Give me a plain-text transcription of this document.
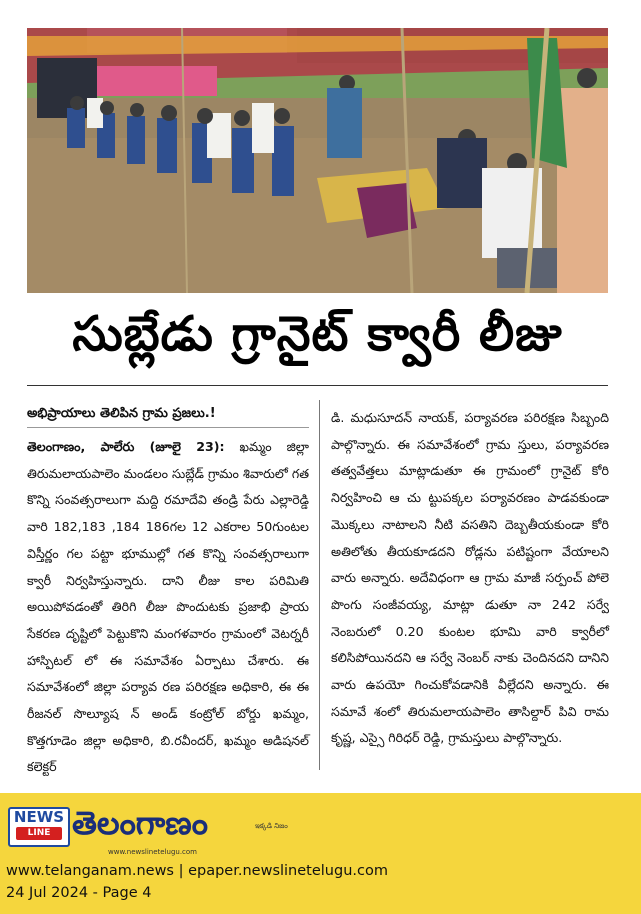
సుబ్లేడు గ్రానైట్ క్వారీ లీజు
అభిప్రాయాలు తెలిపిన గ్రామ ప్రజలు.!
తెలంగాణం, పాలేరు (జూలై 23): ఖమ్మం జిల్లా తిరుమలాయపాలెం మండలం సుబ్లేడ్ గ్రామం శివారులో గత కొన్ని సంవత్సరాలుగా మద్ది రమాదేవి తండ్రి పేరు ఎల్లారెడ్డి వారి 182,183 ,184 186గల 12 ఎకరాల 50గుంటల విస్తీర్ణం గల పట్టా భూముల్లో గత కొన్ని సంవత్సరాలుగా క్వారీ నిర్వహిస్తున్నారు. దాని లీజు కాల పరిమితి అయిపోవడంతో తిరిగి లీజు పొందుటకు ప్రజాభి ప్రాయ సేకరణ దృష్టిలో పెట్టుకొని మంగళవారం గ్రామంలో వెటర్నరీ హాస్పిటల్ లో ఈ సమావేశం ఏర్పాటు చేశారు. ఈ సమావేశంలో జిల్లా పర్యావ రణ పరిరక్షణ అధికారి, ఈ ఈ రీజనల్ సొల్యూష న్ అండ్ కంట్రోల్ బోర్డు ఖమ్మం, కొత్తగూడెం జిల్లా అధికారి, బి.రవీందర్, ఖమ్మం అడిషనల్ కలెక్టర్
డి. మధుసూదన్ నాయక్, పర్యావరణ పరిరక్షణ సిబ్బంది పాల్గొన్నారు. ఈ సమావేశంలో గ్రామ స్తులు, పర్యావరణ తత్వవేత్తలు మాట్లాడుతూ ఈ గ్రామంలో గ్రానైట్ కోరి నిర్వహించి ఆ చు ట్టుపక్కల పర్యావరణం పాడవకుండా మొక్కలు నాటాలని నీటి వసతిని దెబ్బతీయకుండా కోరి అతిలోతు తీయకూడదని రోడ్లను పటిష్టంగా వేయాలని వారు అన్నారు. అదేవిధంగా ఆ గ్రామ మాజీ సర్పంచ్ పోలె పొంగు సంజీవయ్య, మాట్లా డుతూ నా 242 సర్వే నెంబరులో 0.20 కుంటల భూమి వారి క్వారీలో కలిసిపోయినదని ఆ సర్వే నెంబర్ నాకు చెందినదని దానిని వారు ఉపయో గించుకోవడానికి వీల్లేదని అన్నారు. ఈ సమావే శంలో తిరుమలాయపాలెం తాసిల్దార్ పివి రామ కృష్ణ, ఎస్సై గిరిధర్ రెడ్డి, గ్రామస్తులు పాల్గొన్నారు.
NEWS
LINE తెలంగాణం	ఇక్కడి నిజం
www.newslinetelugu.com
www.telanganam.news | epaper.newslinetelugu.com
24 Jul 2024 - Page 4
